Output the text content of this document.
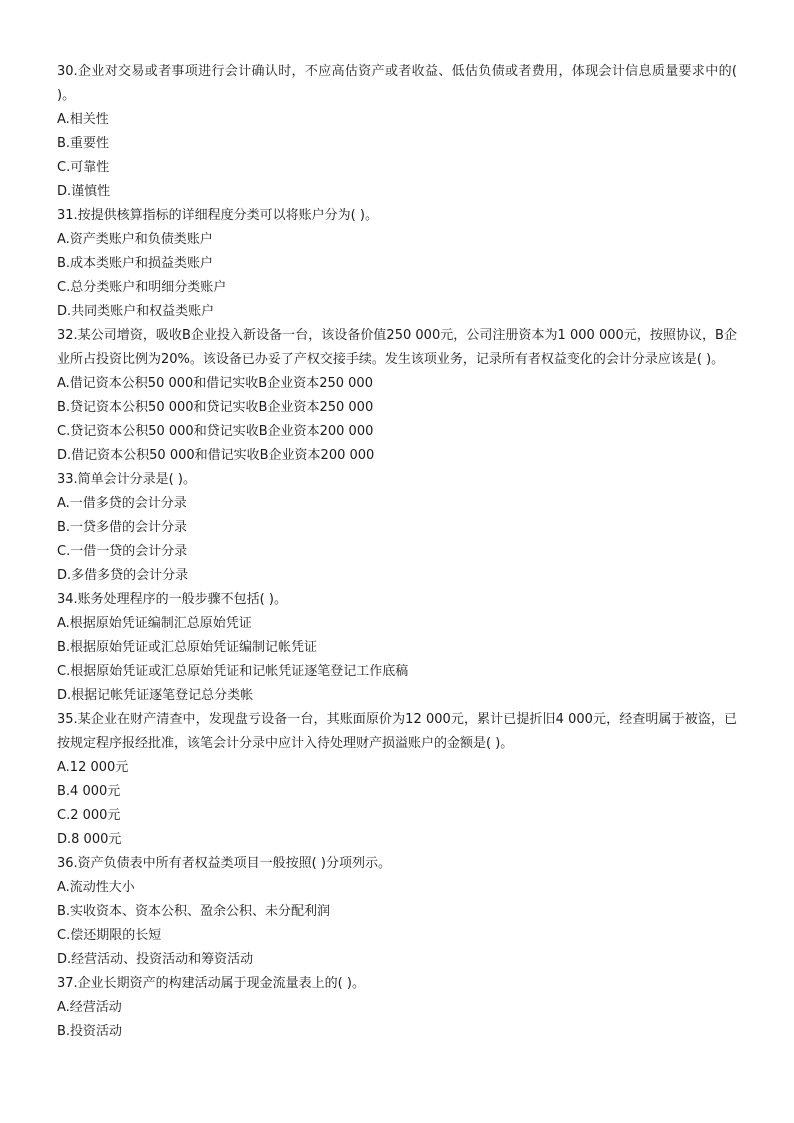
30.企业对交易或者事项进行会计确认时，不应高估资产或者收益、低估负债或者费用，体现会计信息质量要求中的( )。
A.相关性
B.重要性
C.可靠性
D.谨慎性
31.按提供核算指标的详细程度分类可以将账户分为( )。
A.资产类账户和负债类账户
B.成本类账户和损益类账户
C.总分类账户和明细分类账户
D.共同类账户和权益类账户
32.某公司增资，吸收B企业投入新设备一台，该设备价值250 000元，公司注册资本为1 000 000元，按照协议，B企业所占投资比例为20%。该设备已办妥了产权交接手续。发生该项业务，记录所有者权益变化的会计分录应该是( )。
A.借记资本公积50 000和借记实收B企业资本250 000
B.贷记资本公积50 000和贷记实收B企业资本250 000
C.贷记资本公积50 000和贷记实收B企业资本200 000
D.借记资本公积50 000和借记实收B企业资本200 000
33.简单会计分录是( )。
A.一借多贷的会计分录
B.一贷多借的会计分录
C.一借一贷的会计分录
D.多借多贷的会计分录
34.账务处理程序的一般步骤不包括( )。
A.根据原始凭证编制汇总原始凭证
B.根据原始凭证或汇总原始凭证编制记帐凭证
C.根据原始凭证或汇总原始凭证和记帐凭证逐笔登记工作底稿
D.根据记帐凭证逐笔登记总分类帐
35.某企业在财产清查中，发现盘亏设备一台，其账面原价为12 000元，累计已提折旧4 000元，经查明属于被盗，已按规定程序报经批准，该笔会计分录中应计入待处理财产损溢账户的金额是( )。
A.12 000元
B.4 000元
C.2 000元
D.8 000元
36.资产负债表中所有者权益类项目一般按照( )分项列示。
A.流动性大小
B.实收资本、资本公积、盈余公积、未分配利润
C.偿还期限的长短
D.经营活动、投资活动和筹资活动
37.企业长期资产的构建活动属于现金流量表上的( )。
A.经营活动
B.投资活动
